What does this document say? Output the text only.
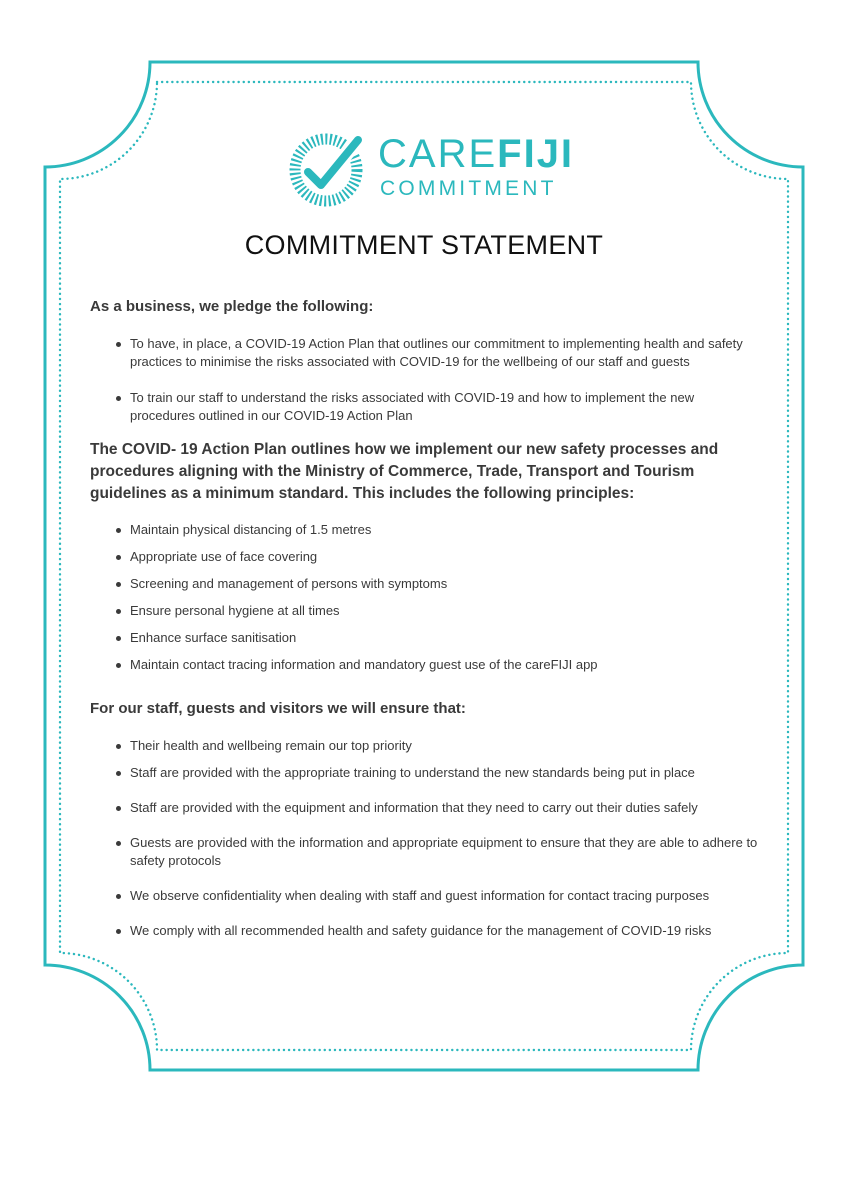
CAREFIJI
COMMITMENT
COMMITMENT STATEMENT
As a business, we pledge the following:
To have, in place, a COVID-19 Action Plan that outlines our commitment to implementing health and safety practices to minimise the risks associated with COVID-19 for the wellbeing of our staff and guests
To train our staff to understand the risks associated with COVID-19 and how to implement the new procedures outlined in our COVID-19 Action Plan
The COVID- 19 Action Plan outlines how we implement our new safety processes and procedures aligning with the Ministry of Commerce, Trade, Transport and Tourism guidelines as a minimum standard. This includes the following principles:
Maintain physical distancing of 1.5 metres
Appropriate use of face covering
Screening and management of persons with symptoms
Ensure personal hygiene at all times
Enhance surface sanitisation
Maintain contact tracing information and mandatory guest use of the careFIJI app
For our staff, guests and visitors we will ensure that:
Their health and wellbeing remain our top priority
Staff are provided with the appropriate training to understand the new standards being put in place
Staff are provided with the equipment and information that they need to carry out their duties safely
Guests are provided with the information and appropriate equipment to ensure that they are able to adhere to safety protocols
We observe confidentiality when dealing with staff and guest information for contact tracing purposes
We comply with all recommended health and safety guidance for the management of COVID-19 risks
